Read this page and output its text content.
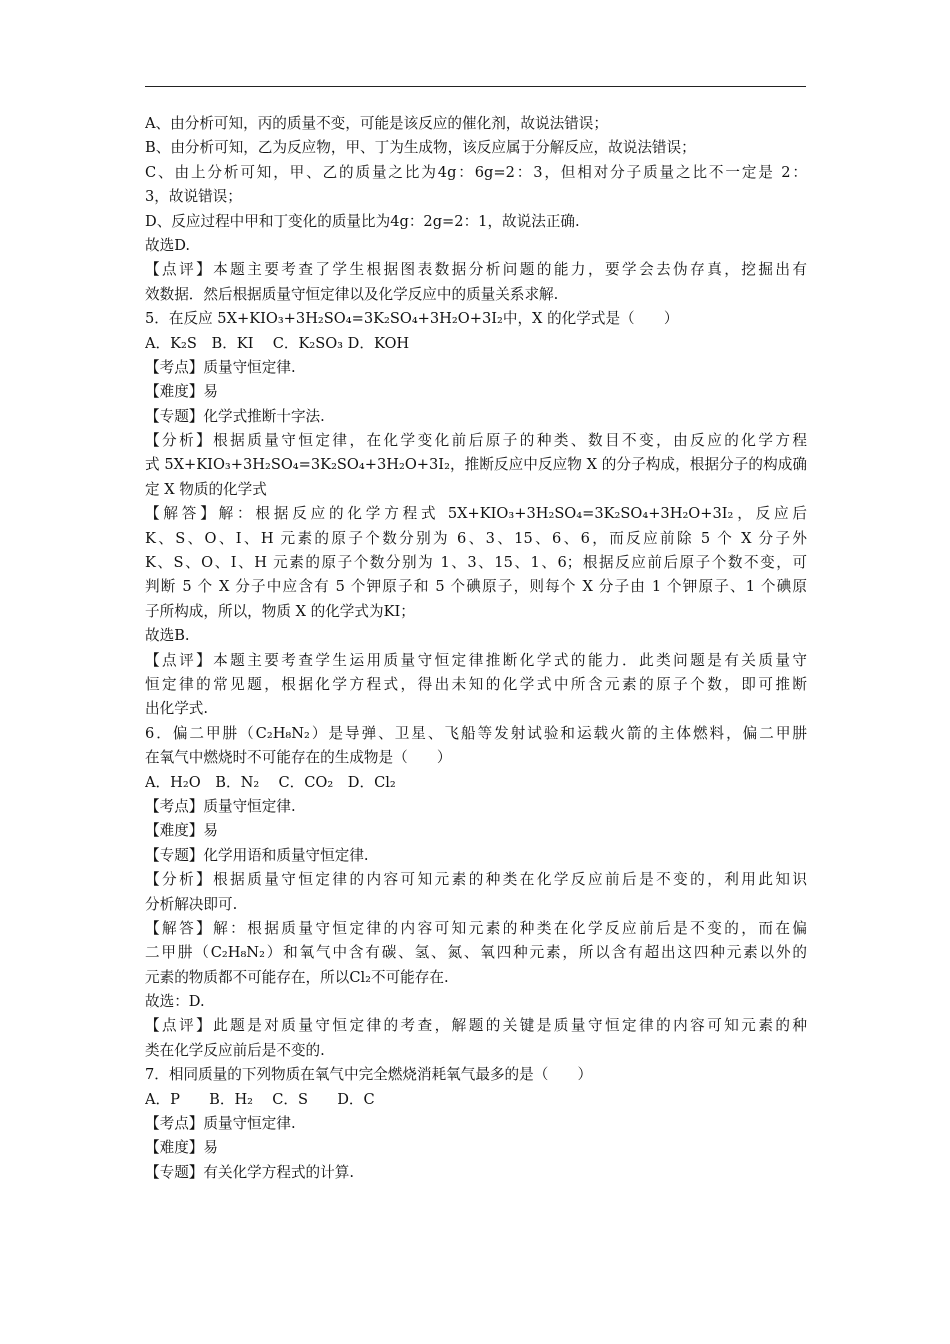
A、由分析可知，丙的质量不变，可能是该反应的催化剂，故说法错误；
B、由分析可知，乙为反应物，甲、丁为生成物，该反应属于分解反应，故说法错误；
C、由上分析可知，甲、乙的质量之比为4g：6g=2：3，但相对分子质量之比不一定是 2：
3，故说错误；
D、反应过程中甲和丁变化的质量比为4g：2g=2：1，故说法正确.
故选D.
【点评】本题主要考查了学生根据图表数据分析问题的能力，要学会去伪存真，挖掘出有
效数据．然后根据质量守恒定律以及化学反应中的质量关系求解.
5．在反应 5X+KIO₃+3H₂SO₄=3K₂SO₄+3H₂O+3I₂中，X 的化学式是（　　）
A．K₂S　B．KI　 C．K₂SO₃ D．KOH
【考点】质量守恒定律.
【难度】易
【专题】化学式推断十字法.
【分析】根据质量守恒定律，在化学变化前后原子的种类、数目不变，由反应的化学方程
式 5X+KIO₃+3H₂SO₄=3K₂SO₄+3H₂O+3I₂，推断反应中反应物 X 的分子构成，根据分子的构成确
定 X 物质的化学式
【解答】解：根据反应的化学方程式 5X+KIO₃+3H₂SO₄=3K₂SO₄+3H₂O+3I₂，反应后
K、S、O、I、H 元素的原子个数分别为 6、3、15、6、6，而反应前除 5 个 X 分子外
K、S、O、I、H 元素的原子个数分别为 1、3、15、1、6；根据反应前后原子个数不变，可
判断 5 个 X 分子中应含有 5 个钾原子和 5 个碘原子，则每个 X 分子由 1 个钾原子、1 个碘原
子所构成，所以，物质 X 的化学式为KI；
故选B.
【点评】本题主要考查学生运用质量守恒定律推断化学式的能力．此类问题是有关质量守
恒定律的常见题，根据化学方程式，得出未知的化学式中所含元素的原子个数，即可推断
出化学式.
6．偏二甲肼（C₂H₈N₂）是导弹、卫星、飞船等发射试验和运载火箭的主体燃料，偏二甲肼
在氧气中燃烧时不可能存在的生成物是（　　）
A．H₂O　B．N₂　 C．CO₂　D．Cl₂
【考点】质量守恒定律.
【难度】易
【专题】化学用语和质量守恒定律.
【分析】根据质量守恒定律的内容可知元素的种类在化学反应前后是不变的，利用此知识
分析解决即可.
【解答】解：根据质量守恒定律的内容可知元素的种类在化学反应前后是不变的，而在偏
二甲肼（C₂H₈N₂）和氧气中含有碳、氢、氮、氧四种元素，所以含有超出这四种元素以外的
元素的物质都不可能存在，所以Cl₂不可能存在.
故选：D.
【点评】此题是对质量守恒定律的考查，解题的关键是质量守恒定律的内容可知元素的种
类在化学反应前后是不变的.
7．相同质量的下列物质在氧气中完全燃烧消耗氧气最多的是（　　）
A．P　　B．H₂　 C．S　　D．C
【考点】质量守恒定律.
【难度】易
【专题】有关化学方程式的计算.
